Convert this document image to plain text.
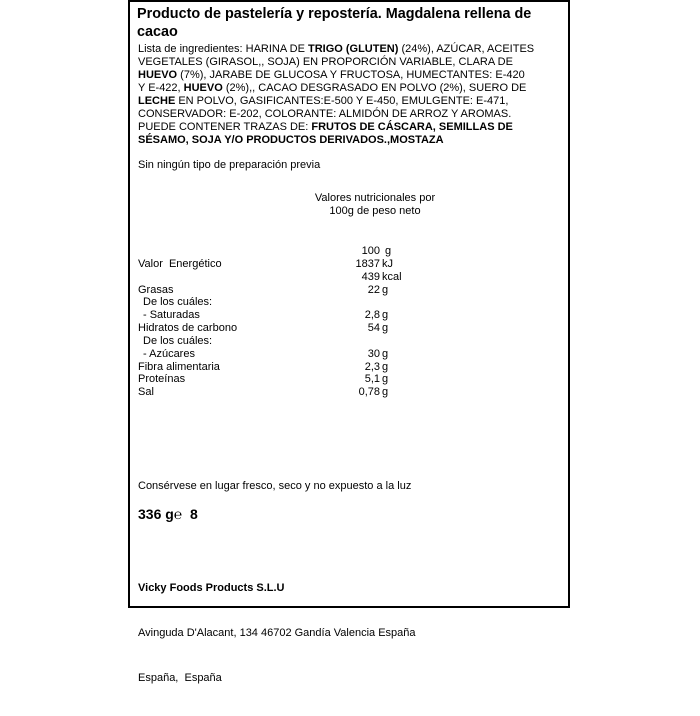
Producto de pastelería y repostería. Magdalena rellena de
cacao
Lista de ingredientes: HARINA DE TRIGO (GLUTEN) (24%), AZÚCAR, ACEITES
VEGETALES (GIRASOL,, SOJA) EN PROPORCIÓN VARIABLE, CLARA DE
HUEVO (7%), JARABE DE GLUCOSA Y FRUCTOSA, HUMECTANTES: E-420
Y E-422, HUEVO (2%),, CACAO DESGRASADO EN POLVO (2%), SUERO DE
LECHE EN POLVO, GASIFICANTES:E-500 Y E-450, EMULGENTE: E-471,
CONSERVADOR: E-202, COLORANTE: ALMIDÓN DE ARROZ Y AROMAS.
PUEDE CONTENER TRAZAS DE: FRUTOS DE CÁSCARA, SEMILLAS DE
SÉSAMO, SOJA Y/O PRODUCTOS DERIVADOS.,MOSTAZA
Sin ningún tipo de preparación previa
Valores nutricionales por
100g de peso neto
100 g
Valor  Energético	1837 kJ
439 kcal
Grasas	22 g
De los cuáles:
- Saturadas	2,8 g
Hidratos de carbono	54 g
De los cuáles:
- Azúcares	30 g
Fibra alimentaria	2,3 g
Proteínas	5,1 g
Sal	0,78 g
Consérvese en lugar fresco, seco y no expuesto a la luz
336 g℮  8

Vicky Foods Products S.L.U

Avinguda D'Alacant, 134 46702 Gandía Valencia España

España,  España
